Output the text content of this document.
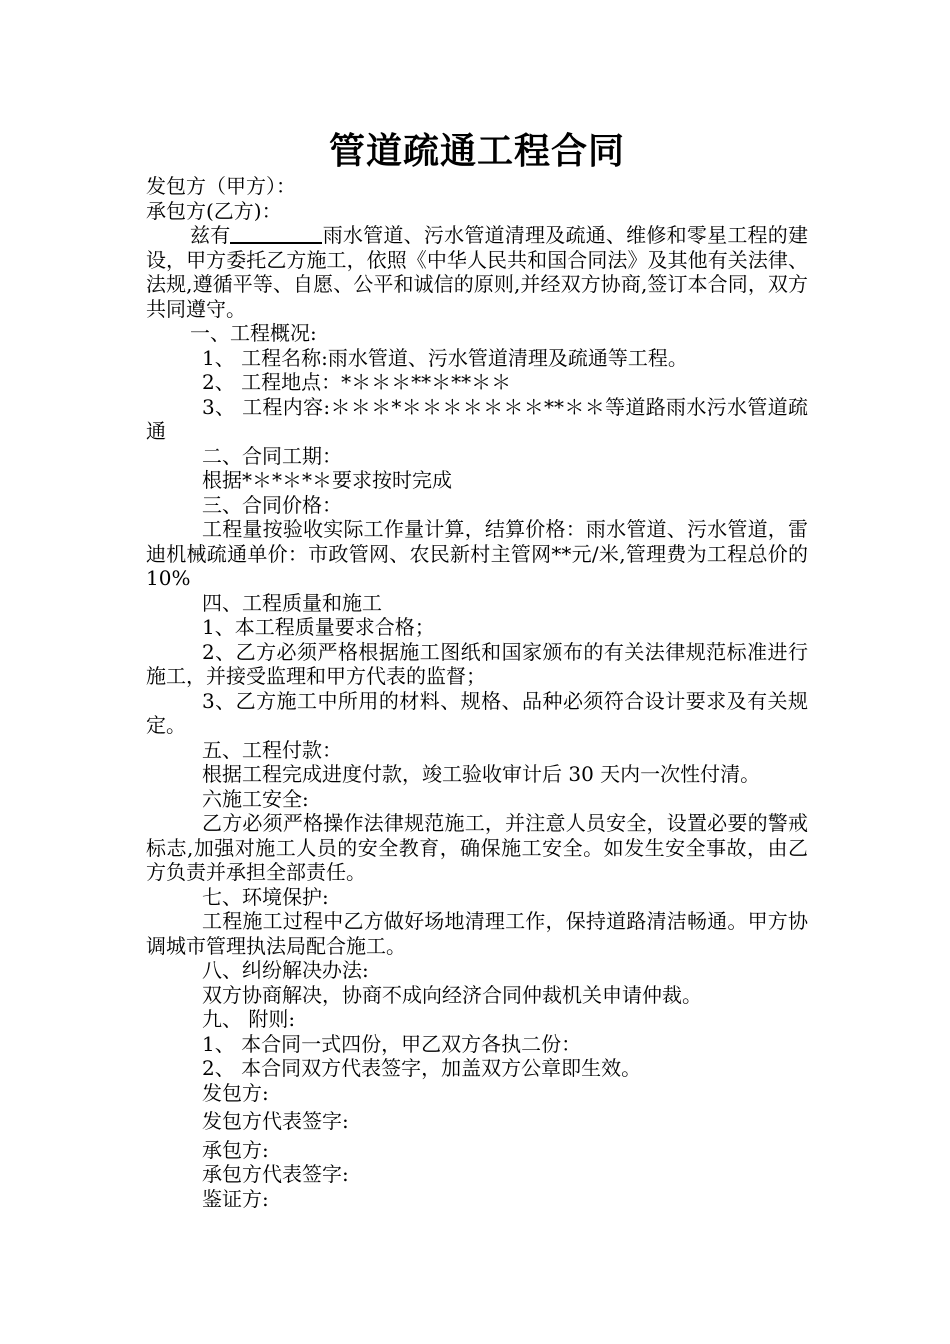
管道疏通工程合同

发包方（甲方）：

承包方(乙方)：

兹有	雨水管道、污水管道清理及疏通、维修和零星工程的建设，甲方委托乙方施工，依照《中华人民共和国合同法》及其他有关法律、法规,遵循平等、自愿、公平和诚信的原则,并经双方协商,签订本合同，双方共同遵守。

一、工程概况:

1、 工程名称:雨水管道、污水管道清理及疏通等工程。

2、 工程地点：*＊＊＊**＊**＊＊

3、 工程内容:＊＊＊*＊＊＊＊＊＊＊**＊＊等道路雨水污水管道疏通

二、合同工期：

根据*＊*＊*＊要求按时完成

三、合同价格：

工程量按验收实际工作量计算，结算价格：雨水管道、污水管道，雷迪机械疏通单价：市政管网、农民新村主管网**元/米,管理费为工程总价的 10%

四、工程质量和施工

1、本工程质量要求合格；

2、乙方必须严格根据施工图纸和国家颁布的有关法律规范标准进行施工，并接受监理和甲方代表的监督；

3、乙方施工中所用的材料、规格、品种必须符合设计要求及有关规定。

五、工程付款：

根据工程完成进度付款，竣工验收审计后 30 天内一次性付清。

六施工安全:

乙方必须严格操作法律规范施工，并注意人员安全，设置必要的警戒标志,加强对施工人员的安全教育，确保施工安全。如发生安全事故，由乙方负责并承担全部责任。

七、环境保护:

工程施工过程中乙方做好场地清理工作，保持道路清洁畅通。甲方协调城市管理执法局配合施工。

八、纠纷解决办法:

双方协商解决，协商不成向经济合同仲裁机关申请仲裁。

九、 附则:

1、 本合同一式四份，甲乙双方各执二份：

2、 本合同双方代表签字，加盖双方公章即生效。

发包方:

发包方代表签字:

承包方:

承包方代表签字:

鉴证方:
